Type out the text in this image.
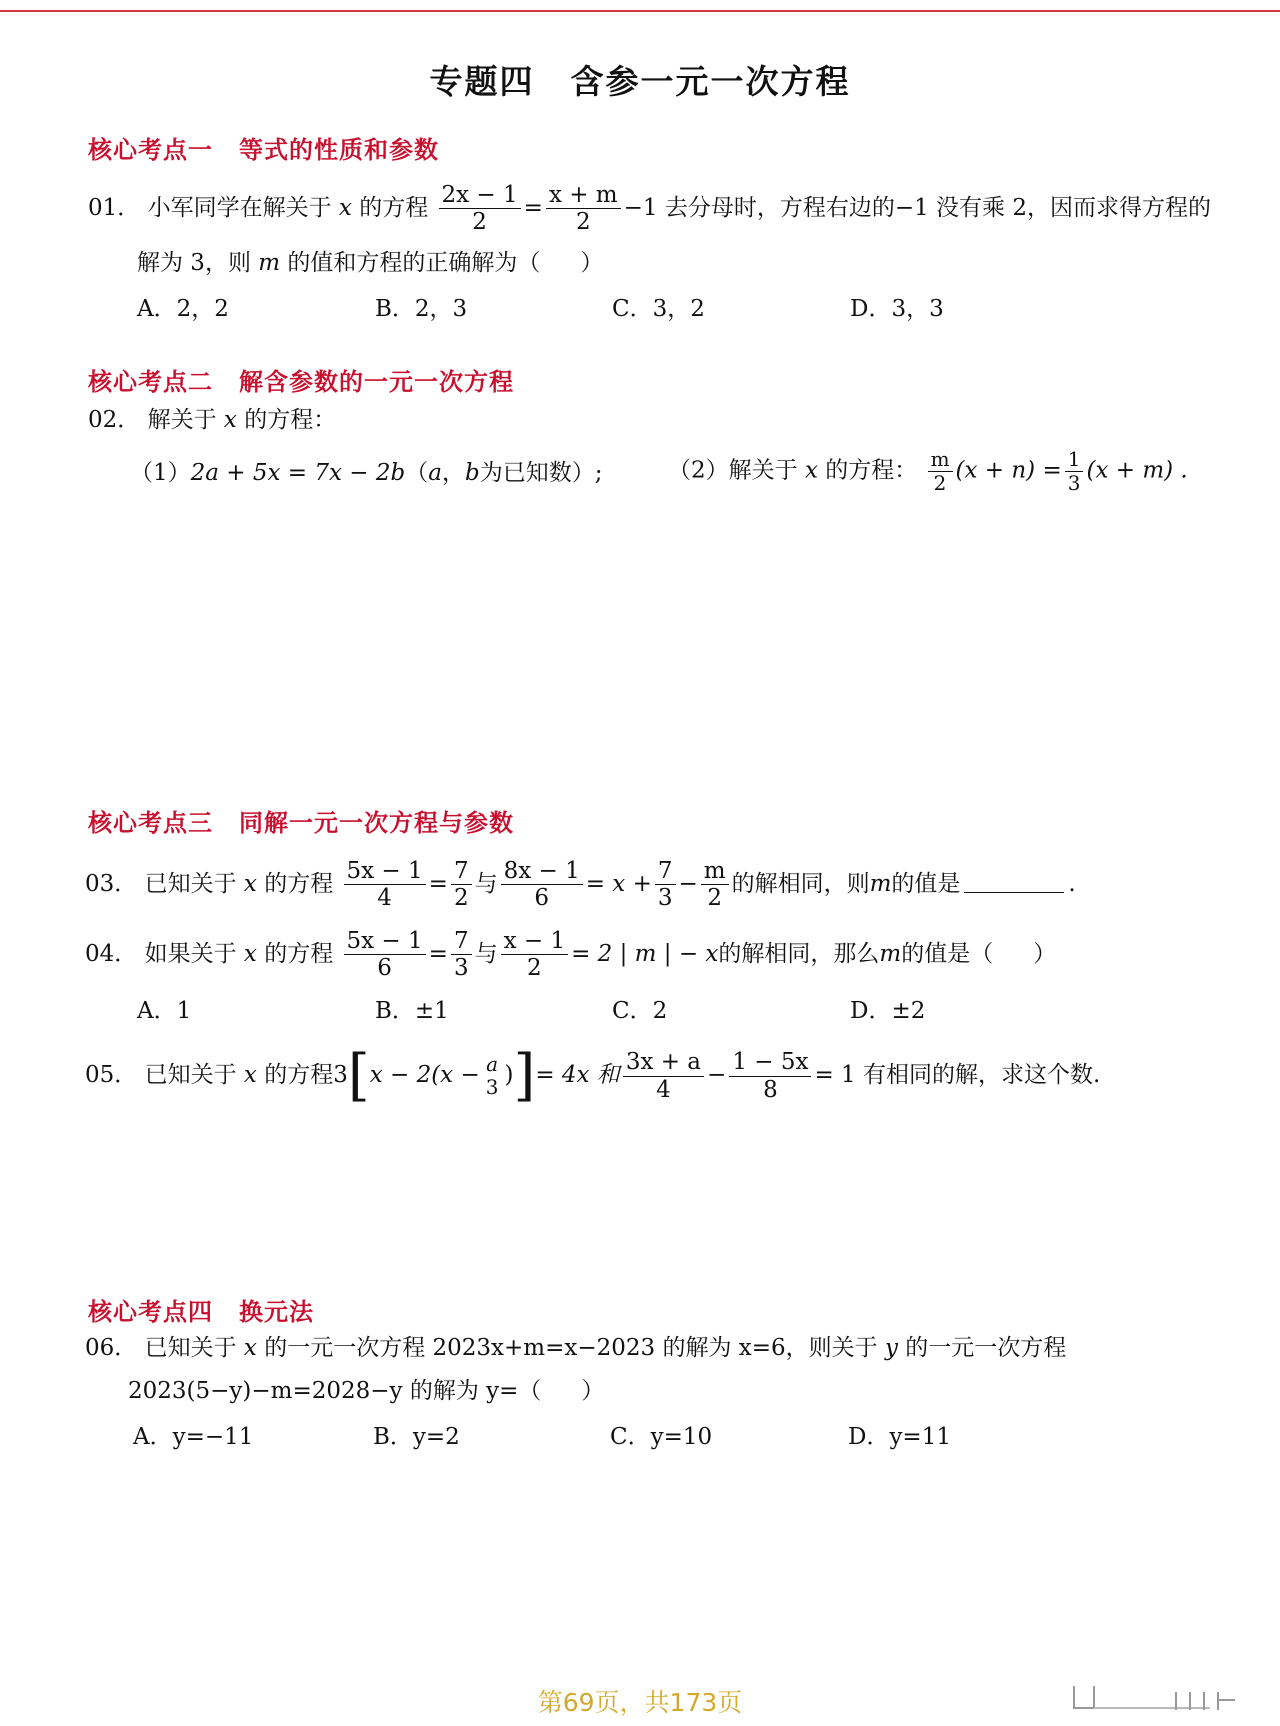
专题四 含参一元一次方程
核心考点一 等式的性质和参数
01． 小军同学在解关于 x 的方程 $\frac{2x - 1}{2} = \frac{x + m}{2} -1$ 去分母时，方程右边的−1 没有乘 2，因而求得方程的
解为 3，则 m 的值和方程的正确解为（ ）
A．2，2	B．2，3	C．3，2	D．3，3
核心考点二 解含参数的一元一次方程
02． 解关于 x 的方程：
（1）2a + 5x = 7x − 2b（a，b为已知数）;	（2）解关于 x 的方程： $\frac{m}{2} (x + n) = \frac{1}{3} (x + m)$ .
核心考点三 同解一元一次方程与参数
03． 已知关于 x 的方程 $\frac{5x - 1}{4} = \frac{7}{2}$ 与 $\frac{8x - 1}{6} = x + \frac{7}{3} - \frac{m}{2}$ 的解相同，则m的值是	.
04． 如果关于 x 的方程 $\frac{5x - 1}{6} = \frac{7}{3}$ 与 $\frac{x - 1}{2} = 2$ | m | − x的解相同，那么m的值是（ ）
A．1	B．±1	C．2	D．±2
05． 已知关于 x 的方程3[x − 2(x − a
3 )]= 4x 和 $\frac{3x + a}{4} - \frac{1 - 5x}{8} = 1$ 有相同的解，求这个数.
核心考点四 换元法
06． 已知关于 x 的一元一次方程 2023x+m=x−2023 的解为 x=6，则关于 y 的一元一次方程
2023(5−y)−m=2028−y 的解为 y=（ ）
A．y=−11	B．y=2	C．y=10	D．y=11
第69页，共173页
